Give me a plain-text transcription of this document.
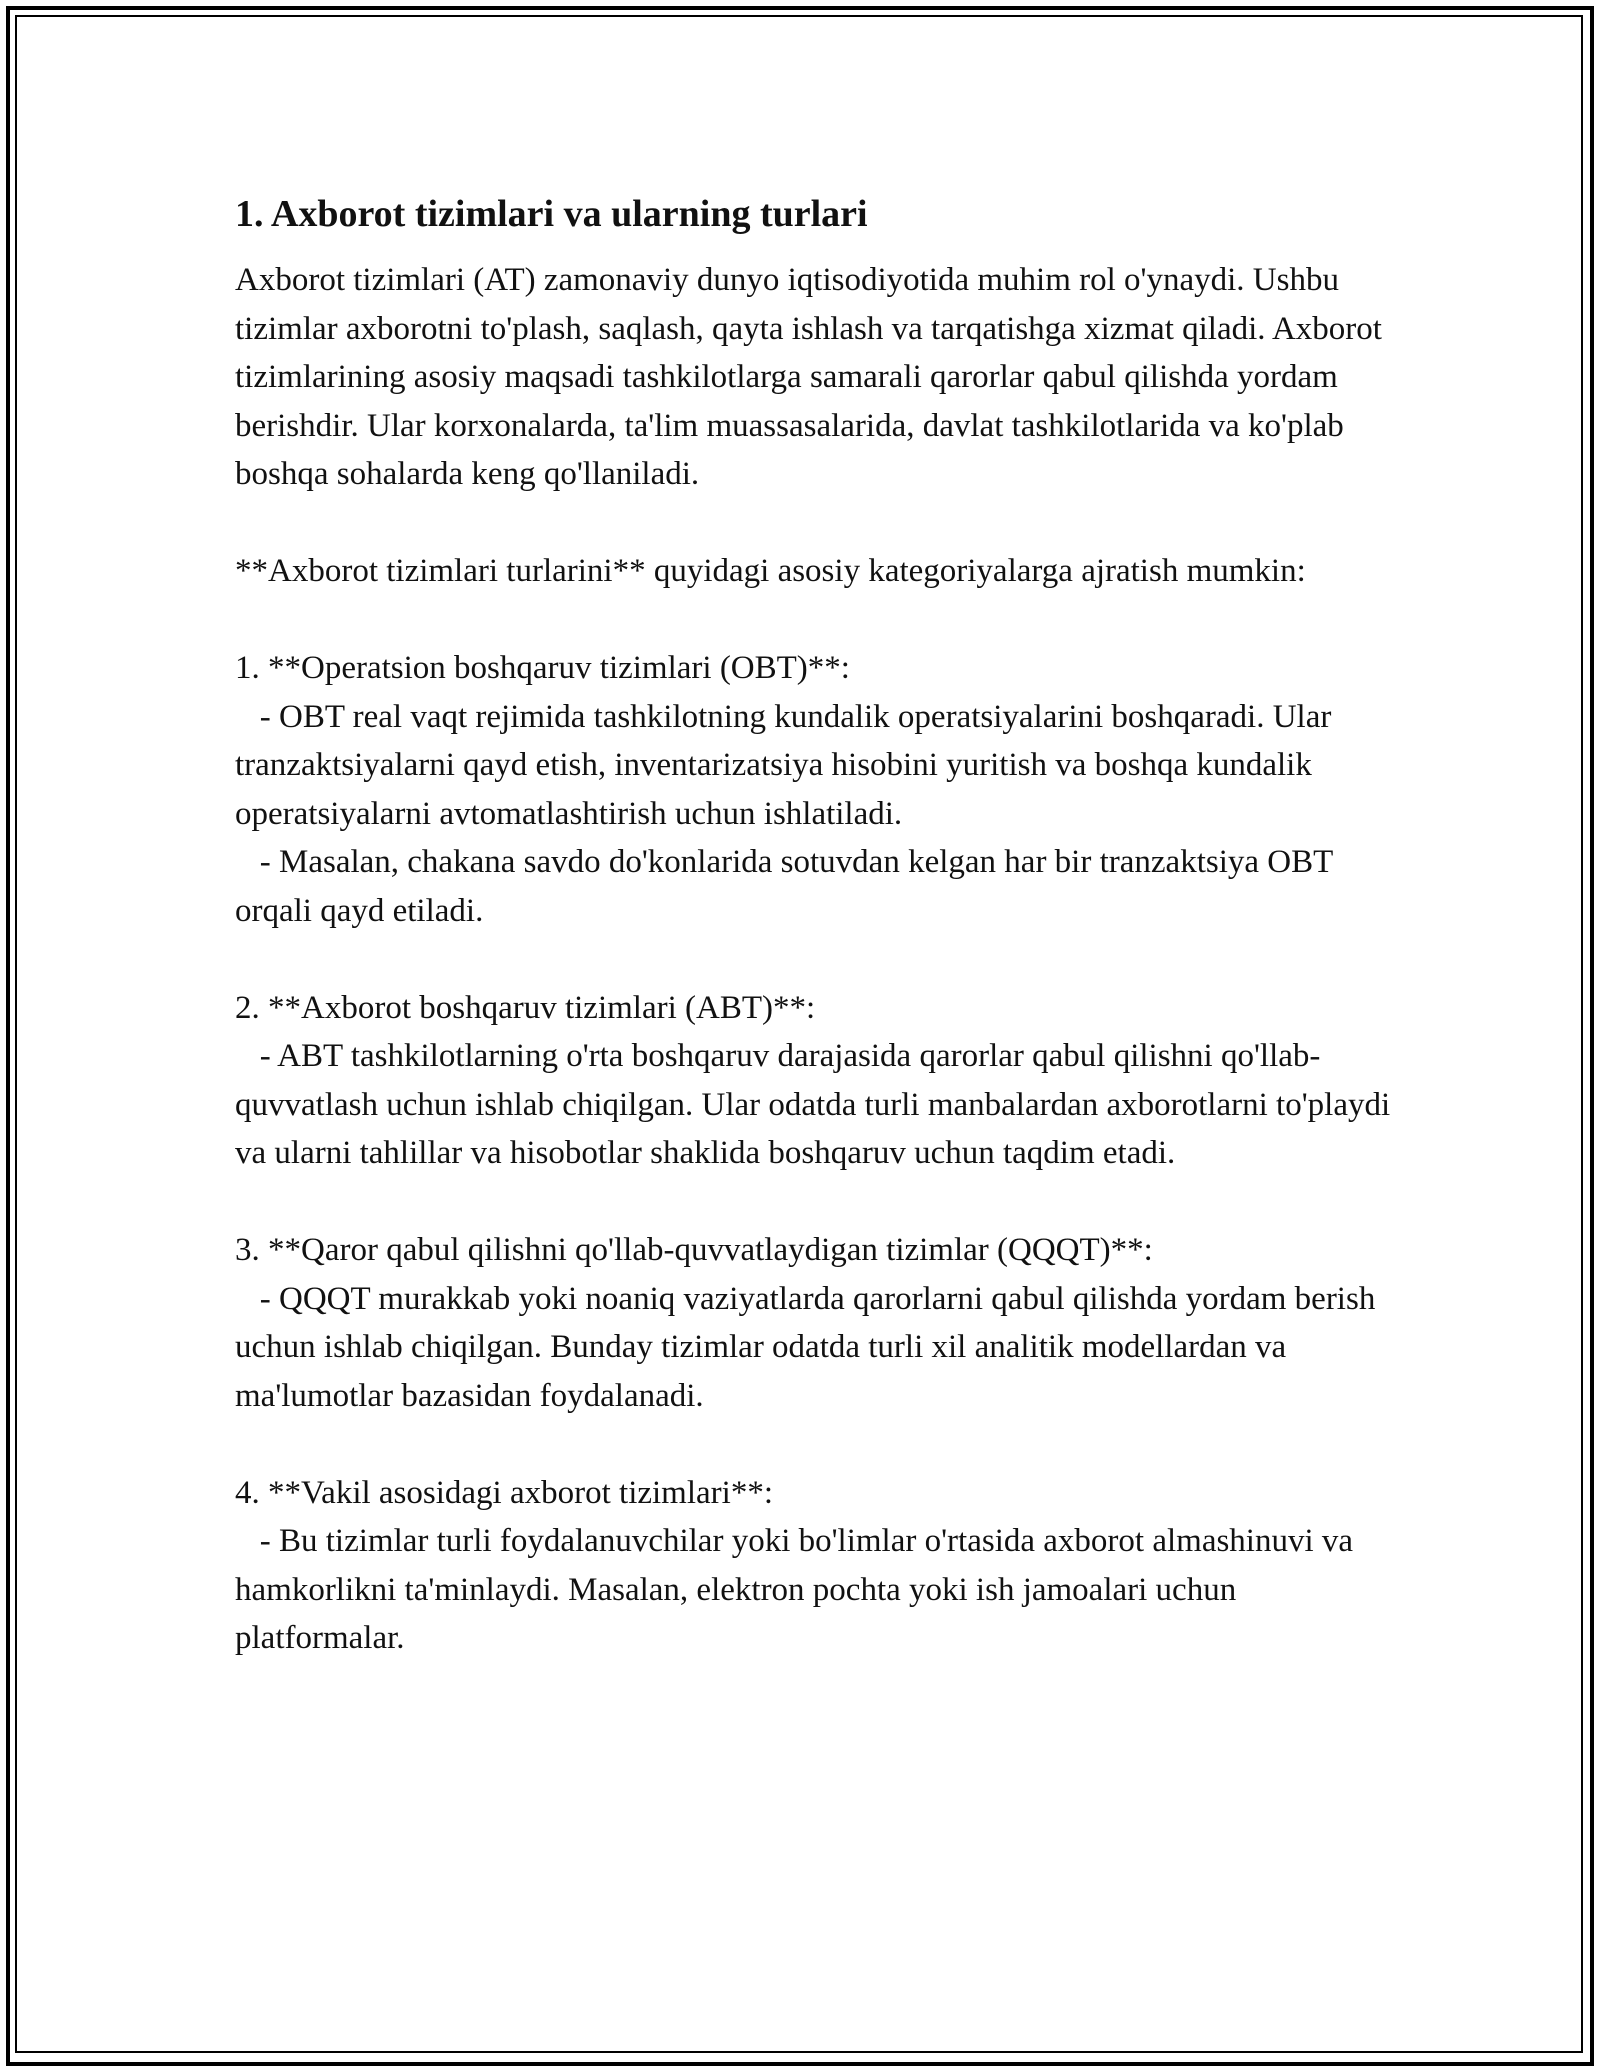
1. Axborot tizimlari va ularning turlari

Axborot tizimlari (AT) zamonaviy dunyo iqtisodiyotida muhim rol o'ynaydi. Ushbu tizimlar axborotni to'plash, saqlash, qayta ishlash va tarqatishga xizmat qiladi. Axborot tizimlarining asosiy maqsadi tashkilotlarga samarali qarorlar qabul qilishda yordam berishdir. Ular korxonalarda, ta'lim muassasalarida, davlat tashkilotlarida va ko'plab boshqa sohalarda keng qo'llaniladi.

**Axborot tizimlari turlarini** quyidagi asosiy kategoriyalarga ajratish mumkin:

1. **Operatsion boshqaruv tizimlari (OBT)**:

- OBT real vaqt rejimida tashkilotning kundalik operatsiyalarini boshqaradi. Ular tranzaktsiyalarni qayd etish, inventarizatsiya hisobini yuritish va boshqa kundalik operatsiyalarni avtomatlashtirish uchun ishlatiladi.

- Masalan, chakana savdo do'konlarida sotuvdan kelgan har bir tranzaktsiya OBT orqali qayd etiladi.

2. **Axborot boshqaruv tizimlari (ABT)**:

- ABT tashkilotlarning o'rta boshqaruv darajasida qarorlar qabul qilishni qo'llab-quvvatlash uchun ishlab chiqilgan. Ular odatda turli manbalardan axborotlarni to'playdi va ularni tahlillar va hisobotlar shaklida boshqaruv uchun taqdim etadi.

3. **Qaror qabul qilishni qo'llab-quvvatlaydigan tizimlar (QQQT)**:

- QQQT murakkab yoki noaniq vaziyatlarda qarorlarni qabul qilishda yordam berish uchun ishlab chiqilgan. Bunday tizimlar odatda turli xil analitik modellardan va ma'lumotlar bazasidan foydalanadi.

4. **Vakil asosidagi axborot tizimlari**:

- Bu tizimlar turli foydalanuvchilar yoki bo'limlar o'rtasida axborot almashinuvi va hamkorlikni ta'minlaydi. Masalan, elektron pochta yoki ish jamoalari uchun platformalar.
